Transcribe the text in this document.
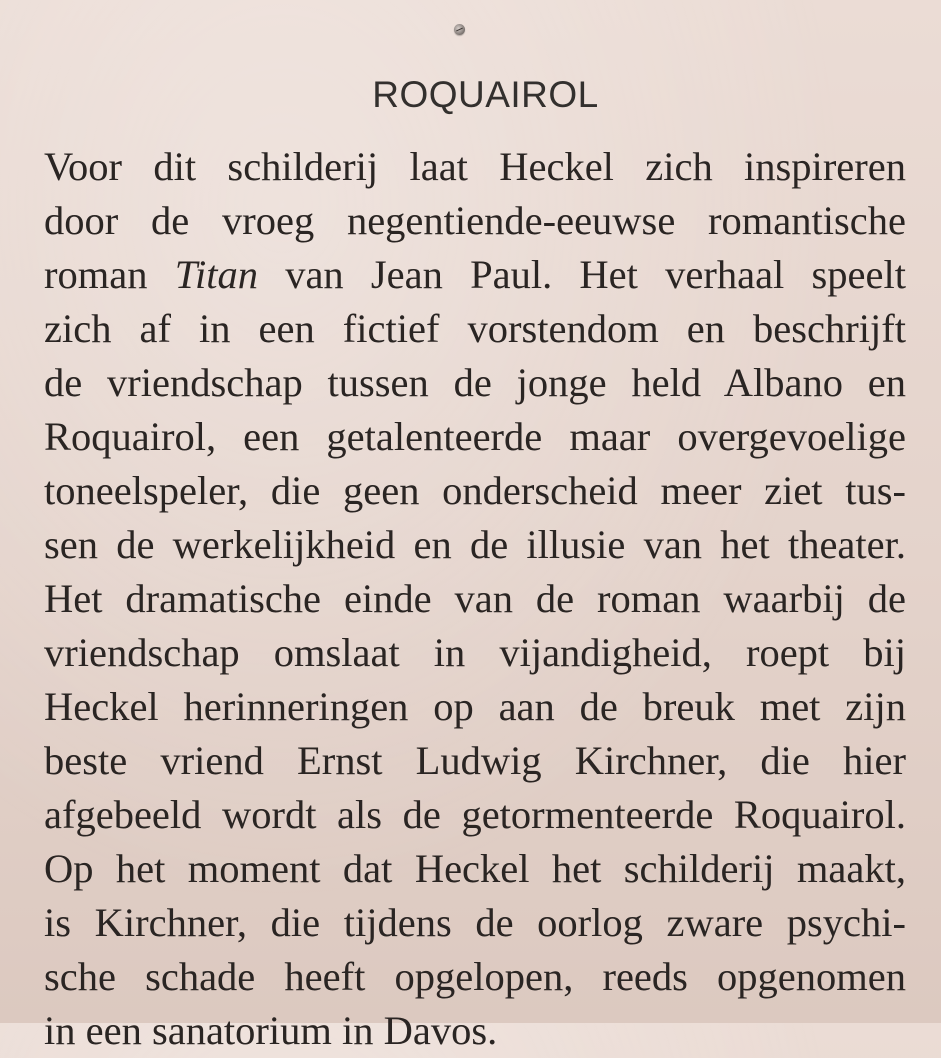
ROQUAIROL
Voor dit schilderij laat Heckel zich inspireren
door de vroeg negentiende-eeuwse romantische
roman Titan van Jean Paul. Het verhaal speelt
zich af in een fictief vorstendom en beschrijft
de vriendschap tussen de jonge held Albano en
Roquairol, een getalenteerde maar overgevoelige
toneelspeler, die geen onderscheid meer ziet tus-
sen de werkelijkheid en de illusie van het theater.
Het dramatische einde van de roman waarbij de
vriendschap omslaat in vijandigheid, roept bij
Heckel herinneringen op aan de breuk met zijn
beste vriend Ernst Ludwig Kirchner, die hier
afgebeeld wordt als de getormenteerde Roquairol.
Op het moment dat Heckel het schilderij maakt,
is Kirchner, die tijdens de oorlog zware psychi-
sche schade heeft opgelopen, reeds opgenomen
in een sanatorium in Davos.
